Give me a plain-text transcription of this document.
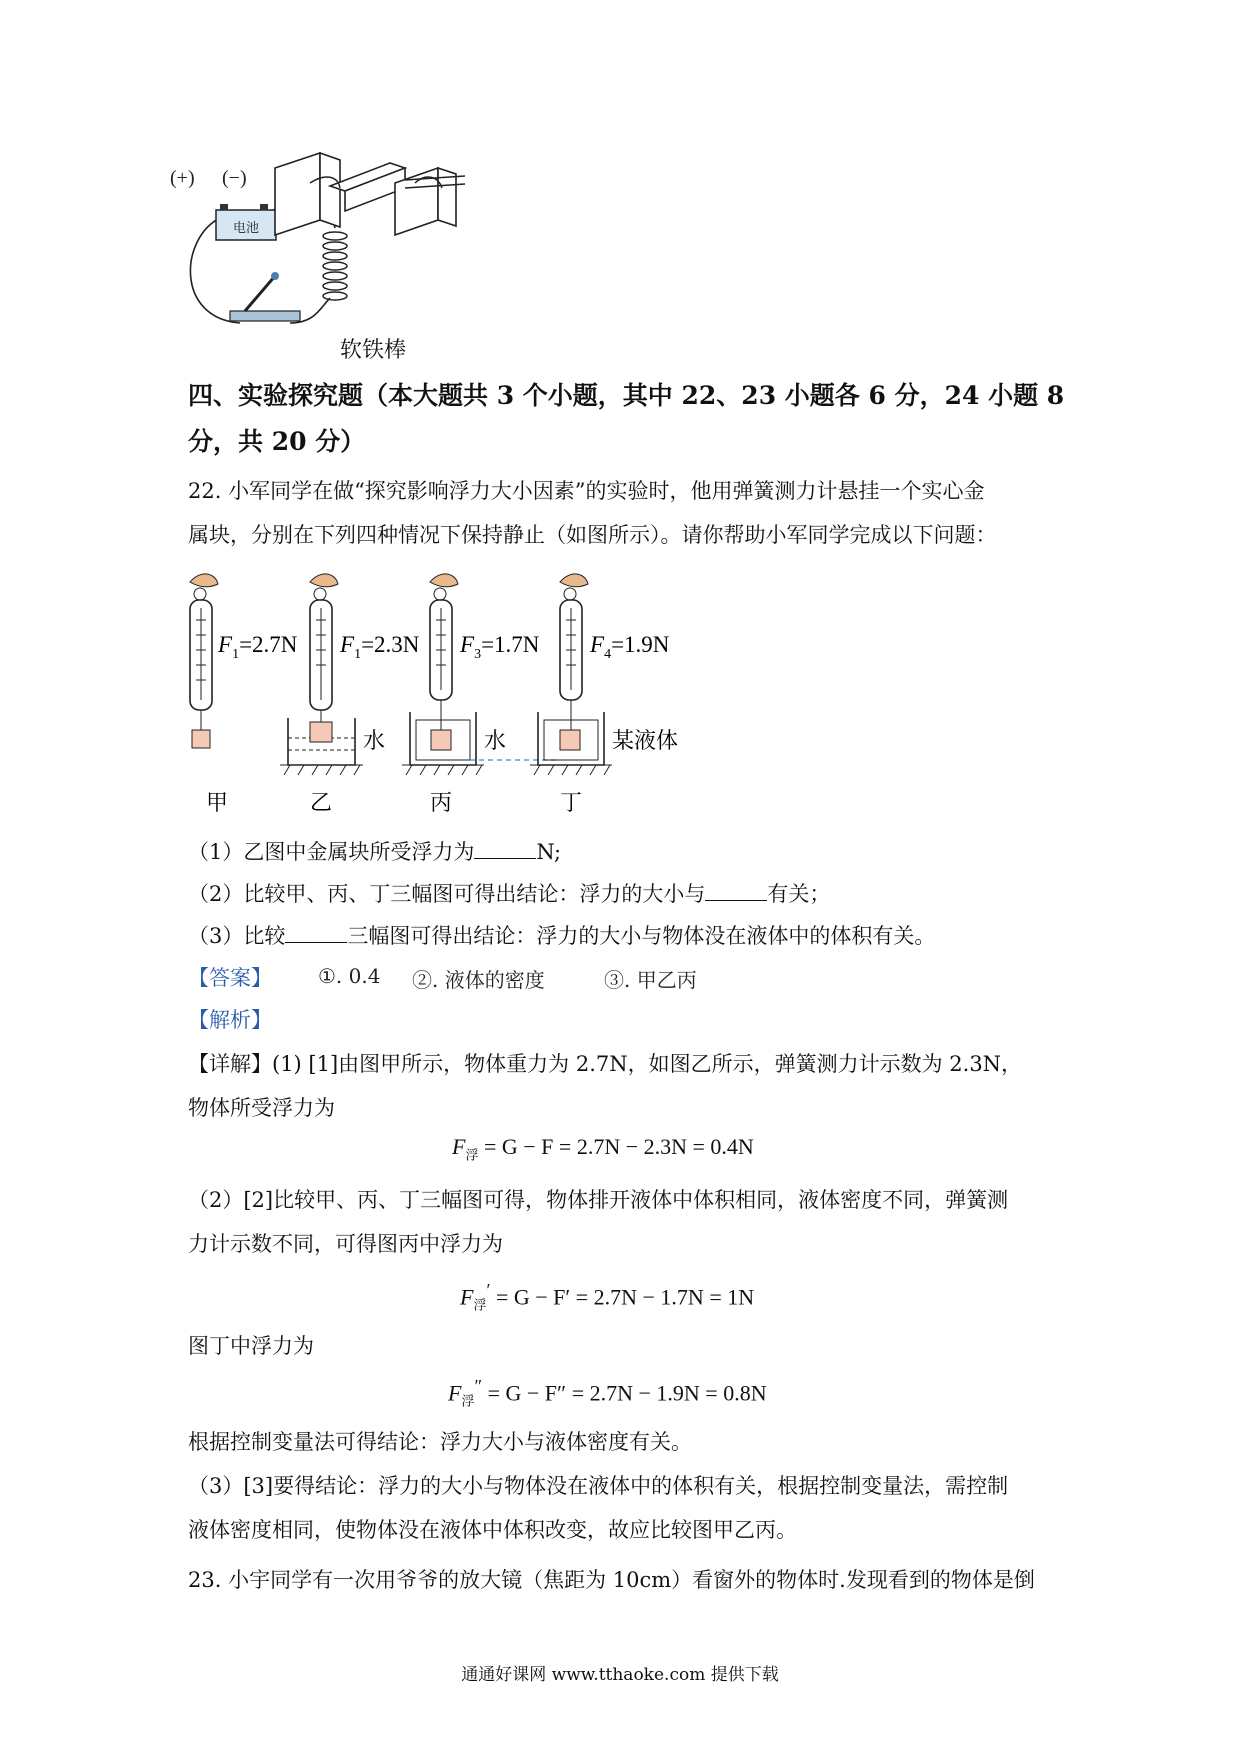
电池
(+) (−)
软铁棒
四、实验探究题（本大题共 3 个小题，其中 22、23 小题各 6 分，24 小题 8
分，共 20 分）
22. 小军同学在做“探究影响浮力大小因素”的实验时，他用弹簧测力计悬挂一个实心金
属块，分别在下列四种情况下保持静止（如图所示）。请你帮助小军同学完成以下问题：
$F_1=2.7N$ $F_1=2.3N$ $F_3=1.7N$ $F_4=1.9N$
水	水	某液体
甲	乙	丙	丁
（1）乙图中金属块所受浮力为	N;
（2）比较甲、丙、丁三幅图可得出结论：浮力的大小与	有关；
（3）比较	三幅图可得出结论：浮力的大小与物体没在液体中的体积有关。
【答案】 ①. 0.4 ②. 液体的密度	③. 甲乙丙
【解析】
【详解】(1) [1]由图甲所示，物体重力为 2.7N，如图乙所示，弹簧测力计示数为 2.3N，
物体所受浮力为
$F_浮 = G - F = 2.7N - 2.3N = 0.4N$
（2）[2]比较甲、丙、丁三幅图可得，物体排开液体中体积相同，液体密度不同，弹簧测
力计示数不同，可得图丙中浮力为
$F_浮' = G - F' = 2.7N - 1.7N = 1N$
图丁中浮力为
$F_浮'' = G - F'' = 2.7N - 1.9N = 0.8N$
根据控制变量法可得结论：浮力大小与液体密度有关。
（3）[3]要得结论：浮力的大小与物体没在液体中的体积有关，根据控制变量法，需控制
液体密度相同，使物体没在液体中体积改变，故应比较图甲乙丙。
23. 小宇同学有一次用爷爷的放大镜（焦距为 10cm）看窗外的物体时.发现看到的物体是倒
通通好课网 www.tthaoke.com 提供下载
